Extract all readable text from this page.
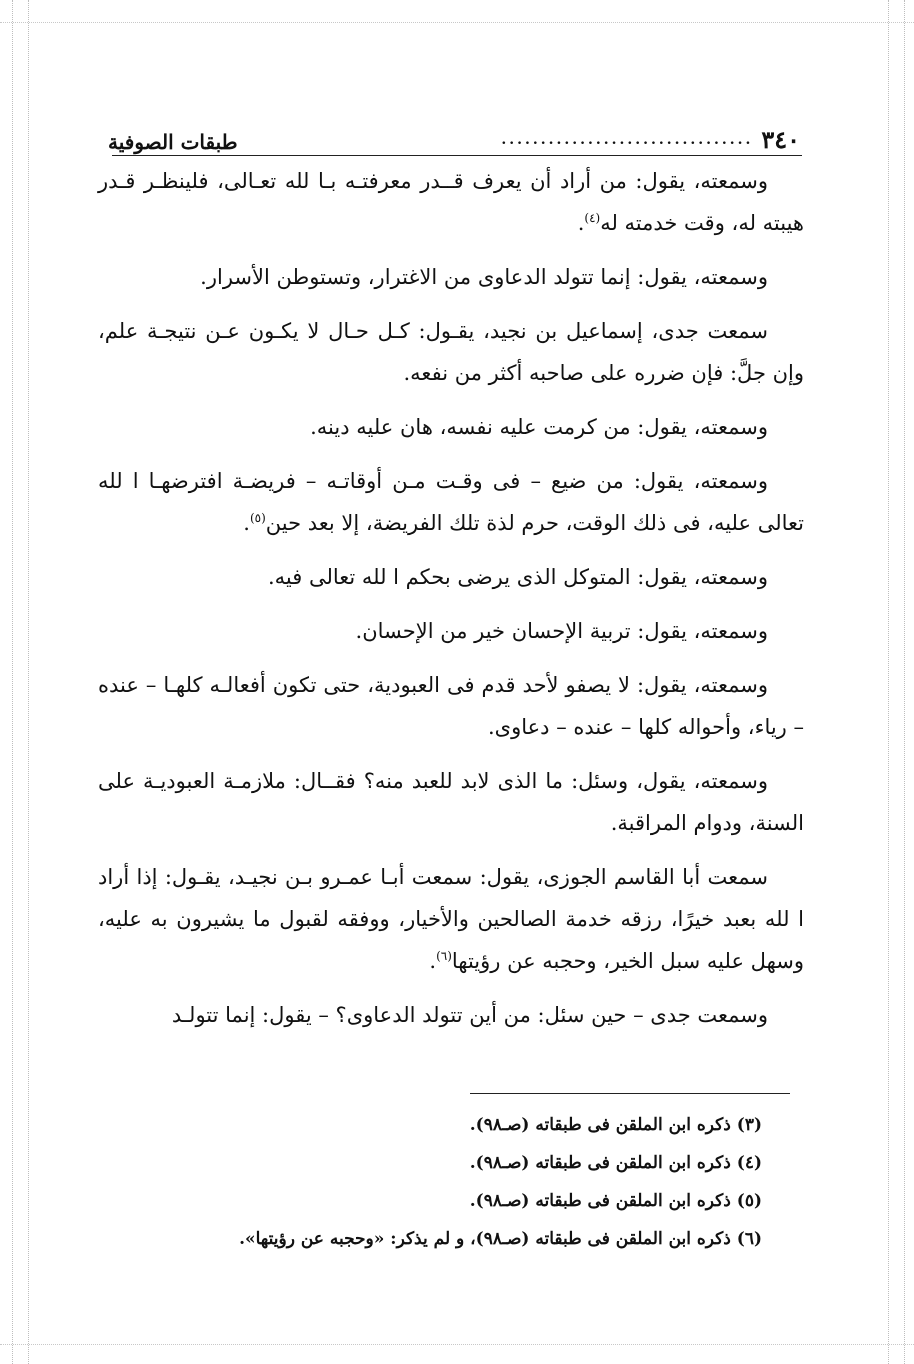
٣٤٠
................................
طبقات الصوفية

وسمعته، يقول: من أراد أن يعرف قــدر معرفتـه بـا لله تعـالى، فلينظـر قـدر هيبته له، وقت خدمته له$^{(٤)}$.

وسمعته، يقول: إنما تتولد الدعاوى من الاغترار، وتستوطن الأسرار.

سمعت جدى، إسماعيل بن نجيد، يقـول: كـل حـال لا يكـون عـن نتيجـة علم، وإن جلَّ: فإن ضرره على صاحبه أكثر من نفعه.

وسمعته، يقول: من كرمت عليه نفسه، هان عليه دينه.

وسمعته، يقول: من ضيع – فى وقـت مـن أوقاتـه – فريضـة افترضهـا ا لله تعالى عليه، فى ذلك الوقت، حرم لذة تلك الفريضة، إلا بعد حين$^{(٥)}$.

وسمعته، يقول: المتوكل الذى يرضى بحكم ا لله تعالى فيه.

وسمعته، يقول: تربية الإحسان خير من الإحسان.

وسمعته، يقول: لا يصفو لأحد قدم فى العبودية، حتى تكون أفعالـه كلهـا – عنده – رياء، وأحواله كلها – عنده – دعاوى.

وسمعته، يقول، وسئل: ما الذى لابد للعبد منه؟ فقــال: ملازمـة العبوديـة على السنة، ودوام المراقبة.

سمعت أبا القاسم الجوزى، يقول: سمعت أبـا عمـرو بـن نجيـد، يقـول: إذا أراد ا لله بعبد خيرًا، رزقه خدمة الصالحين والأخيار، ووفقه لقبول ما يشيرون به عليه، وسهل عليه سبل الخير، وحجبه عن رؤيتها$^{(٦)}$.

وسمعت جدى – حين سئل: من أين تتولد الدعاوى؟ – يقول: إنما تتولـد

(٣) ذكره ابن الملقن فى طبقاته (صـ٩٨).

(٤) ذكره ابن الملقن فى طبقاته (صـ٩٨).

(٥) ذكره ابن الملقن فى طبقاته (صـ٩٨).

(٦) ذكره ابن الملقن فى طبقاته (صـ٩٨)، و لم يذكر: «وحجبه عن رؤيتها».
